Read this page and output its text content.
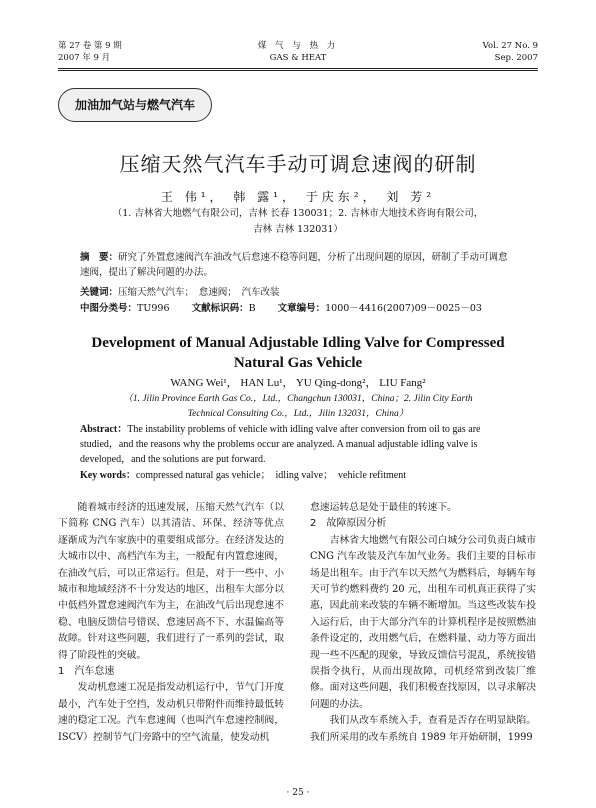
第 27 卷 第 9 期
2007 年 9 月
煤 气 与 热 力
GAS & HEAT
Vol. 27 No. 9
Sep. 2007
加油加气站与燃气汽车
压缩天然气汽车手动可调怠速阀的研制
王 伟¹， 韩 露¹， 于庆东²， 刘 芳²
（1. 吉林省大地燃气有限公司，吉林 长春 130031；2. 吉林市大地技术咨询有限公司，
吉林 吉林 132031）
摘　要：研究了外置怠速阀汽车油改气后怠速不稳等问题，分析了出现问题的原因，研制了手动可调怠速阀，提出了解决问题的办法。
关键词：压缩天然气汽车；　怠速阀；　汽车改装
中图分类号：TU996 文献标识码：B 文章编号：1000－4416(2007)09－0025－03
Development of Manual Adjustable Idling Valve for Compressed
Natural Gas Vehicle
WANG Wei¹， HAN Lu¹， YU Qing-dong²， LIU Fang²
（1. Jilin Province Earth Gas Co.，Ltd.，Changchun 130031，China；2. Jilin City Earth
Technical Consulting Co.，Ltd.，Jilin 132031，China）
Abstract：The instability problems of vehicle with idling valve after conversion from oil to gas are studied，and the reasons why the problems occur are analyzed. A manual adjustable idling valve is developed，and the solutions are put forward.
Key words：compressed natural gas vehicle；　idling valve；　vehicle refitment

随着城市经济的迅速发展，压缩天然气汽车（以下简称 CNG 汽车）以其清洁、环保、经济等优点逐渐成为汽车家族中的重要组成部分。在经济发达的大城市以中、高档汽车为主，一般配有内置怠速阀，在油改气后，可以正常运行。但是，对于一些中、小城市和地域经济不十分发达的地区，出租车大部分以中低档外置怠速阀汽车为主，在油改气后出现怠速不稳、电脑反馈信号错误、怠速居高不下、水温偏高等故障。针对这些问题，我们进行了一系列的尝试，取得了阶段性的突破。

1　汽车怠速

发动机怠速工况是指发动机运行中，节气门开度最小，汽车处于空挡，发动机只带附件而维持最低转速的稳定工况。汽车怠速阀（也叫汽车怠速控制阀，ISCV）控制节气门旁路中的空气流量，使发动机

怠速运转总是处于最佳的转速下。
2　故障原因分析

吉林省大地燃气有限公司白城分公司负责白城市 CNG 汽车改装及汽车加气业务。我们主要的目标市场是出租车。由于汽车以天然气为燃料后，每辆车每天可节约燃料费约 20 元，出租车司机真正获得了实惠，因此前来改装的车辆不断增加。当这些改装车投入运行后，由于大部分汽车的计算机程序是按照燃油条件设定的，改用燃气后，在燃料量、动力等方面出现一些不匹配的现象，导致反馈信号混乱，系统按错误指令执行，从而出现故障，司机经常到改装厂维修。面对这些问题，我们积极查找原因，以寻求解决问题的办法。

我们从改车系统入手，查看是否存在明显缺陷。我们所采用的改车系统自 1989 年开始研制，1999

· 25 ·
